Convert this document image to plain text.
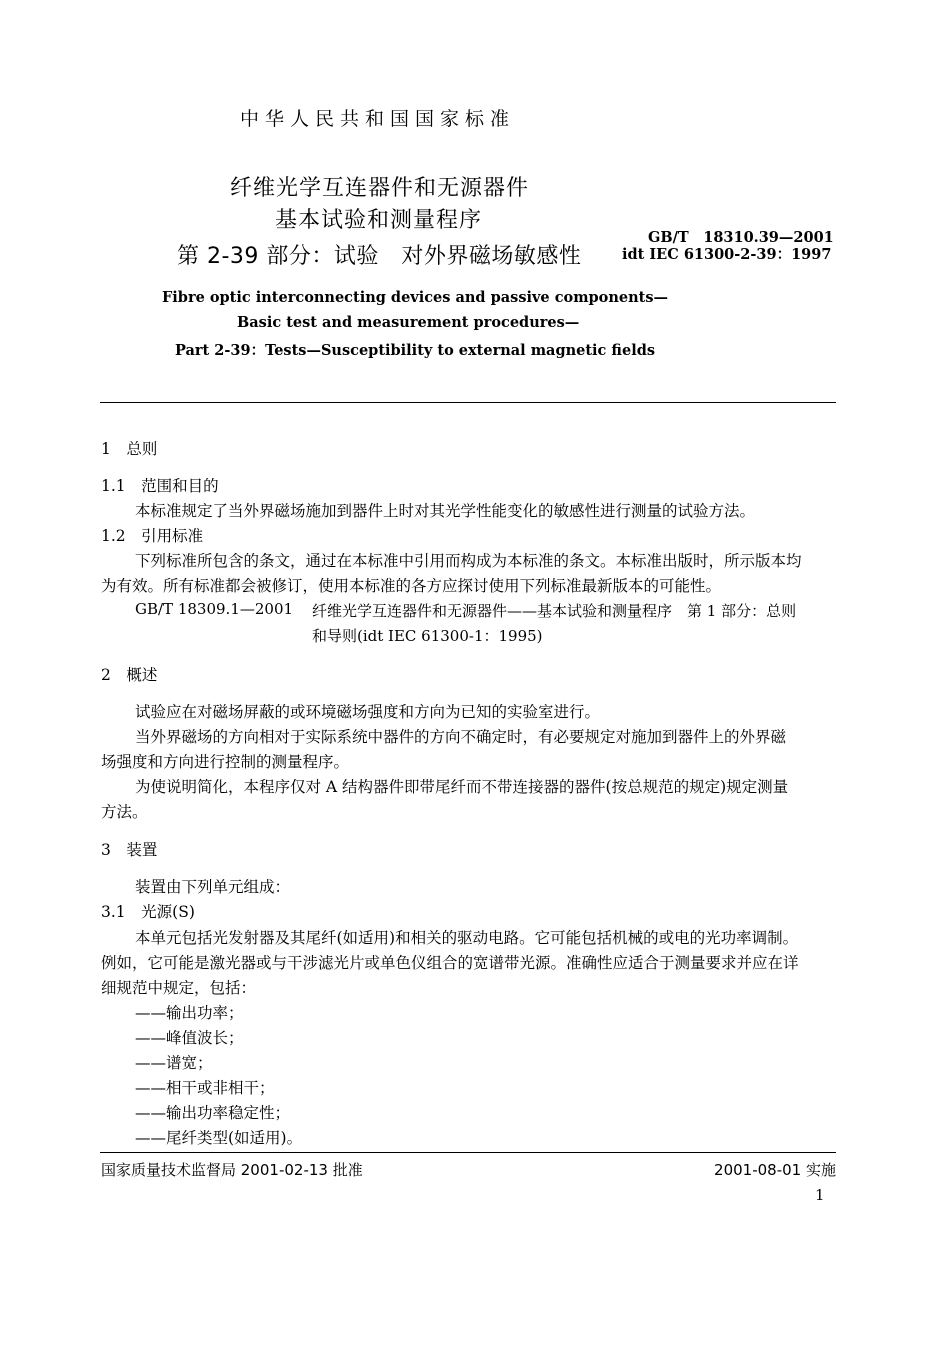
中华人民共和国国家标准
纤维光学互连器件和无源器件
基本试验和测量程序
第 2-39 部分：试验　对外界磁场敏感性
GB/T　18310.39—2001
idt IEC 61300-2-39：1997
Fibre optic interconnecting devices and passive components—
Basic test and measurement procedures—
Part 2-39：Tests—Susceptibility to external magnetic fields
1　总则
1.1　范围和目的
本标准规定了当外界磁场施加到器件上时对其光学性能变化的敏感性进行测量的试验方法。
1.2　引用标准
下列标准所包含的条文，通过在本标准中引用而构成为本标准的条文。本标准出版时，所示版本均
为有效。所有标准都会被修订，使用本标准的各方应探讨使用下列标准最新版本的可能性。
GB/T 18309.1—2001 纤维光学互连器件和无源器件——基本试验和测量程序　第 1 部分：总则
和导则(idt IEC 61300-1：1995)
2　概述
试验应在对磁场屏蔽的或环境磁场强度和方向为已知的实验室进行。
当外界磁场的方向相对于实际系统中器件的方向不确定时，有必要规定对施加到器件上的外界磁
场强度和方向进行控制的测量程序。
为使说明简化，本程序仅对 A 结构器件即带尾纤而不带连接器的器件(按总规范的规定)规定测量
方法。
3　装置
装置由下列单元组成：
3.1　光源(S)
本单元包括光发射器及其尾纤(如适用)和相关的驱动电路。它可能包括机械的或电的光功率调制。
例如，它可能是激光器或与干涉滤光片或单色仪组合的宽谱带光源。准确性应适合于测量要求并应在详
细规范中规定，包括：
——输出功率；
——峰值波长；
——谱宽；
——相干或非相干；
——输出功率稳定性；
——尾纤类型(如适用)。
国家质量技术监督局 2001-02-13 批准	2001-08-01 实施
1
